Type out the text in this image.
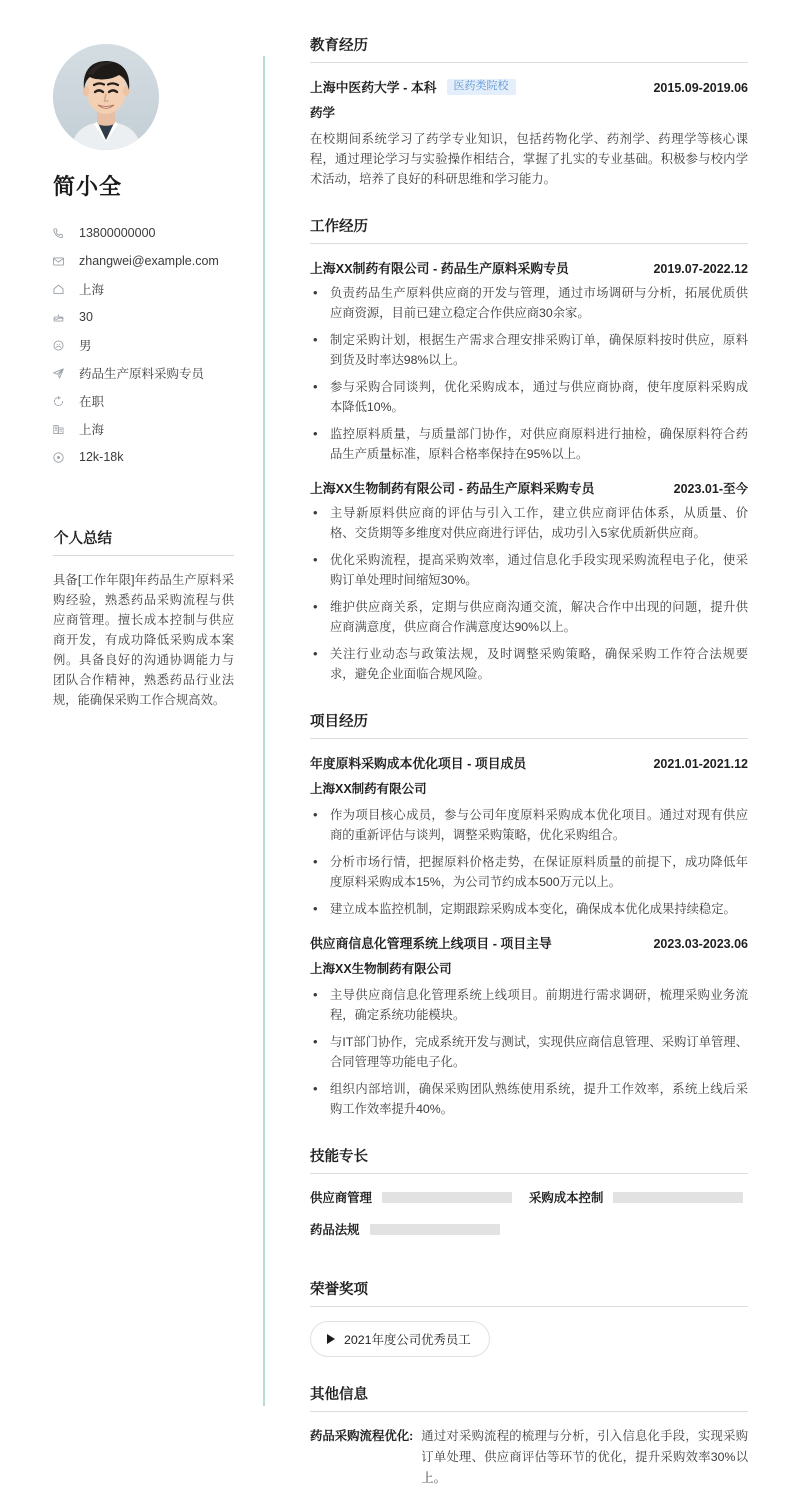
简小全
13800000000
zhangwei@example.com
上海
30
男
药品生产原料采购专员
在职
上海
12k-18k
个人总结

具备[工作年限]年药品生产原料采购经验，熟悉药品采购流程与供应商管理。擅长成本控制与供应商开发，有成功降低采购成本案例。具备良好的沟通协调能力与团队合作精神，熟悉药品行业法规，能确保采购工作合规高效。

教育经历
上海中医药大学 - 本科	医药类院校	2015.09-2019.06
药学

在校期间系统学习了药学专业知识，包括药物化学、药剂学、药理学等核心课程，通过理论学习与实验操作相结合，掌握了扎实的专业基础。积极参与校内学术活动，培养了良好的科研思维和学习能力。

工作经历
上海XX制药有限公司 - 药品生产原料采购专员	2019.07-2022.12
• 负责药品生产原料供应商的开发与管理，通过市场调研与分析，拓展优质供应商资源，目前已建立稳定合作供应商30余家。
• 制定采购计划，根据生产需求合理安排采购订单，确保原料按时供应，原料到货及时率达98%以上。
• 参与采购合同谈判，优化采购成本，通过与供应商协商，使年度原料采购成本降低10%。
• 监控原料质量，与质量部门协作，对供应商原料进行抽检，确保原料符合药品生产质量标准，原料合格率保持在95%以上。
上海XX生物制药有限公司 - 药品生产原料采购专员	2023.01-至今
• 主导新原料供应商的评估与引入工作，建立供应商评估体系，从质量、价格、交货期等多维度对供应商进行评估，成功引入5家优质新供应商。
• 优化采购流程，提高采购效率，通过信息化手段实现采购流程电子化，使采购订单处理时间缩短30%。
• 维护供应商关系，定期与供应商沟通交流，解决合作中出现的问题，提升供应商满意度，供应商合作满意度达90%以上。
• 关注行业动态与政策法规，及时调整采购策略，确保采购工作符合法规要求，避免企业面临合规风险。
项目经历
年度原料采购成本优化项目 - 项目成员	2021.01-2021.12
上海XX制药有限公司
• 作为项目核心成员，参与公司年度原料采购成本优化项目。通过对现有供应商的重新评估与谈判，调整采购策略，优化采购组合。
• 分析市场行情，把握原料价格走势，在保证原料质量的前提下，成功降低年度原料采购成本15%，为公司节约成本500万元以上。
• 建立成本监控机制，定期跟踪采购成本变化，确保成本优化成果持续稳定。
供应商信息化管理系统上线项目 - 项目主导	2023.03-2023.06
上海XX生物制药有限公司
• 主导供应商信息化管理系统上线项目。前期进行需求调研，梳理采购业务流程，确定系统功能模块。
• 与IT部门协作，完成系统开发与测试，实现供应商信息管理、采购订单管理、合同管理等功能电子化。
• 组织内部培训，确保采购团队熟练使用系统，提升工作效率，系统上线后采购工作效率提升40%。
技能专长
供应商管理	采购成本控制
药品法规
荣誉奖项
2021年度公司优秀员工
其他信息
药品采购流程优化: 通过对采购流程的梳理与分析，引入信息化手段，实现采购订单处理、供应商评估等环节的优化，提升采购效率30%以上。
